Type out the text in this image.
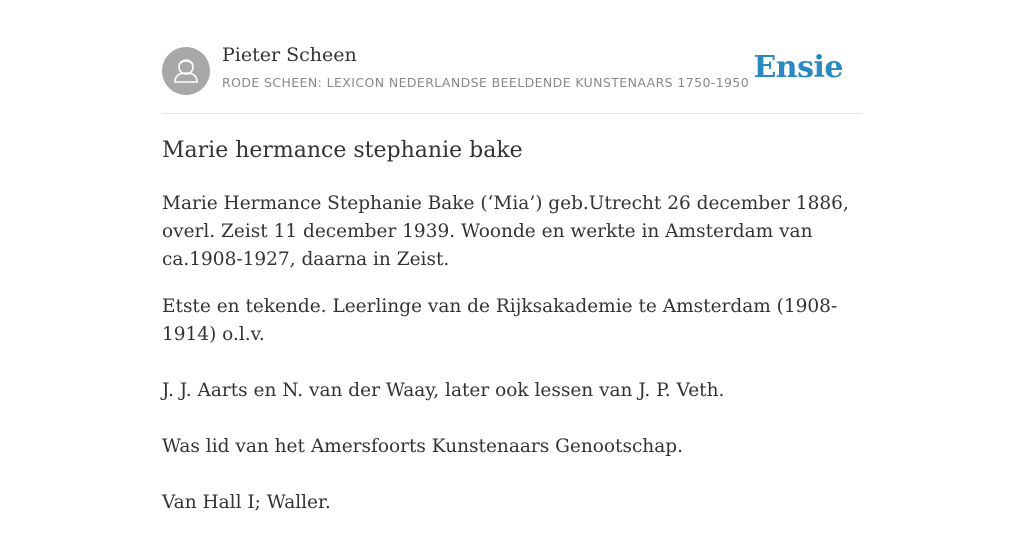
Pieter Scheen
RODE SCHEEN: LEXICON NEDERLANDSE BEELDENDE KUNSTENAARS 1750-1950 Ensie
Marie hermance stephanie bake

Marie Hermance Stephanie Bake (‘Mia’) geb.Utrecht 26 december 1886, overl. Zeist 11 december 1939. Woonde en werkte in Amsterdam van ca.1908-1927, daarna in Zeist.

Etste en tekende. Leerlinge van de Rijksakademie te Amsterdam (1908-1914) o.l.v.

J. J. Aarts en N. van der Waay, later ook lessen van J. P. Veth.

Was lid van het Amersfoorts Kunstenaars Genootschap.

Van Hall I; Waller.
